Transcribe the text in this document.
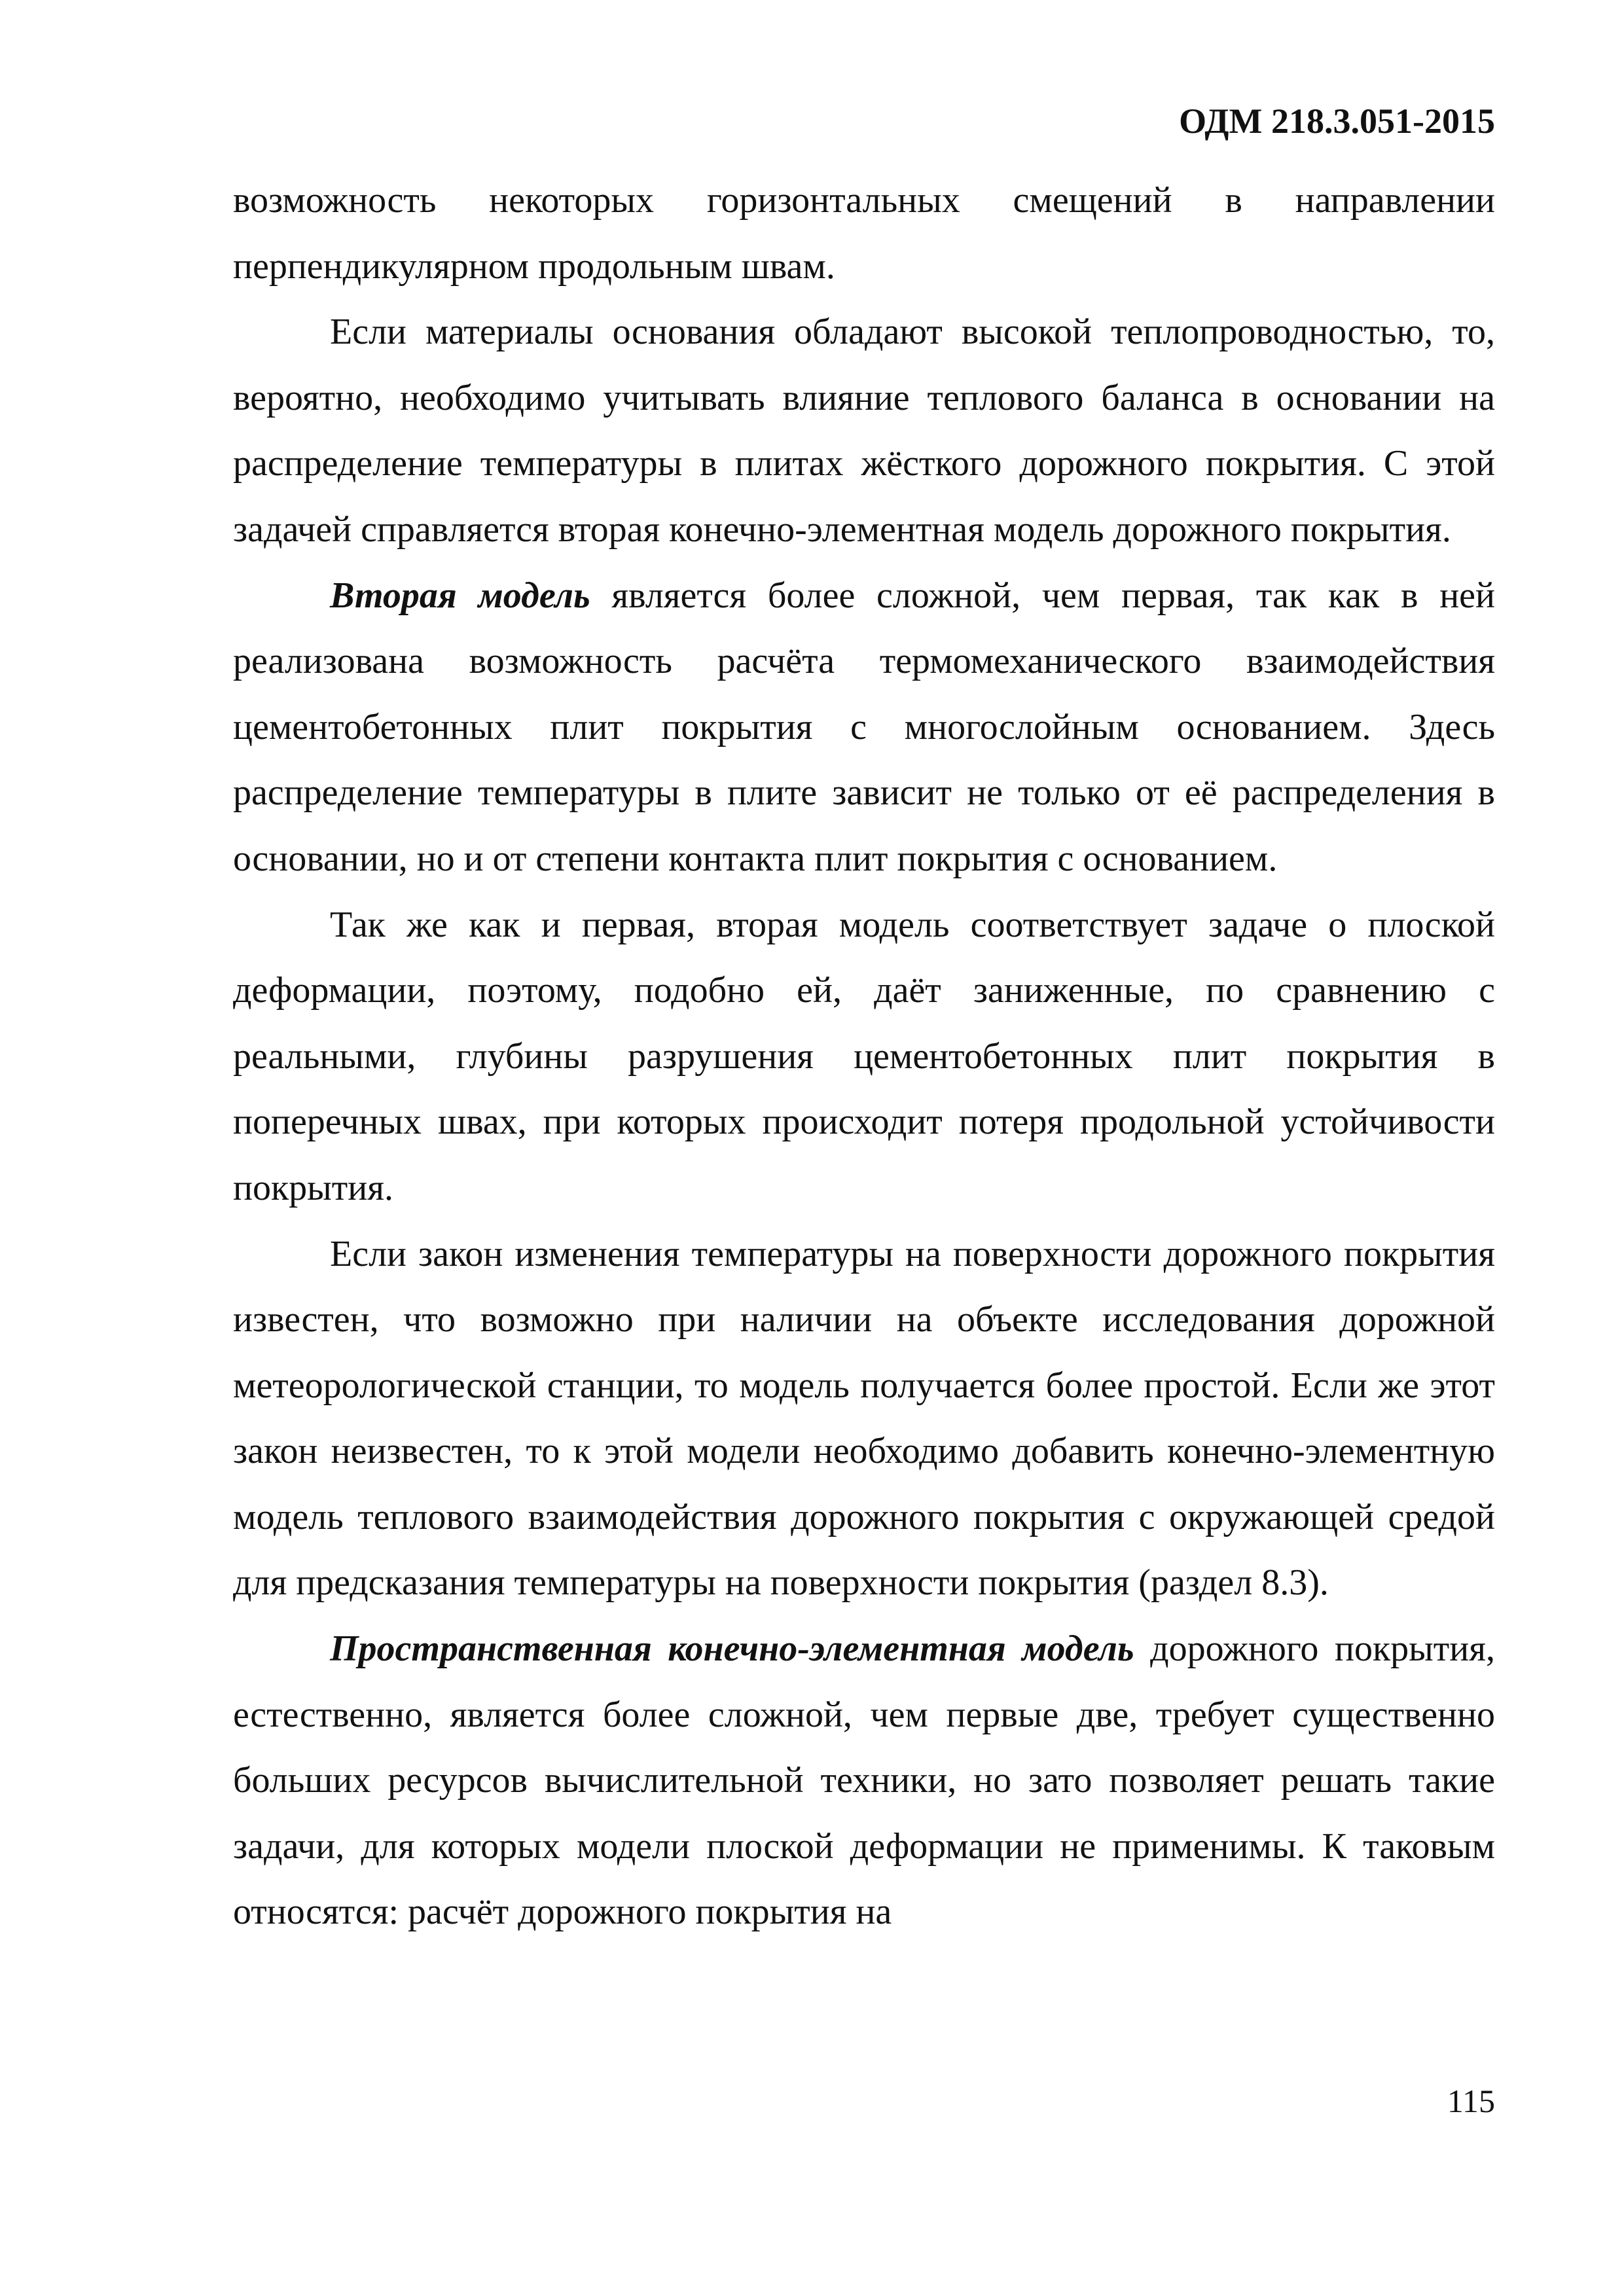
ОДМ 218.3.051-2015

возможность некоторых горизонтальных смещений в направлении перпендикулярном продольным швам.

Если материалы основания обладают высокой теплопроводностью, то, вероятно, необходимо учитывать влияние теплового баланса в основании на распределение температуры в плитах жёсткого дорожного покрытия. С этой задачей справляется вторая конечно-элементная модель дорожного покрытия.

Вторая модель является более сложной, чем первая, так как в ней реализована возможность расчёта термомеханического взаимодействия цементобетонных плит покрытия с многослойным основанием. Здесь распределение температуры в плите зависит не только от её распределения в основании, но и от степени контакта плит покрытия с основанием.

Так же как и первая, вторая модель соответствует задаче о плоской деформации, поэтому, подобно ей, даёт заниженные, по сравнению с реальными, глубины разрушения цементобетонных плит покрытия в поперечных швах, при которых происходит потеря продольной устойчивости покрытия.

Если закон изменения температуры на поверхности дорожного покрытия известен, что возможно при наличии на объекте исследования дорожной метеорологической станции, то модель получается более простой. Если же этот закон неизвестен, то к этой модели необходимо добавить конечно-элементную модель теплового взаимодействия дорожного покрытия с окружающей средой для предсказания температуры на поверхности покрытия (раздел 8.3).

Пространственная конечно-элементная модель дорожного покрытия, естественно, является более сложной, чем первые две, требует существенно больших ресурсов вычислительной техники, но зато позволяет решать такие задачи, для которых модели плоской деформации не применимы. К таковым относятся: расчёт дорожного покрытия на

115
